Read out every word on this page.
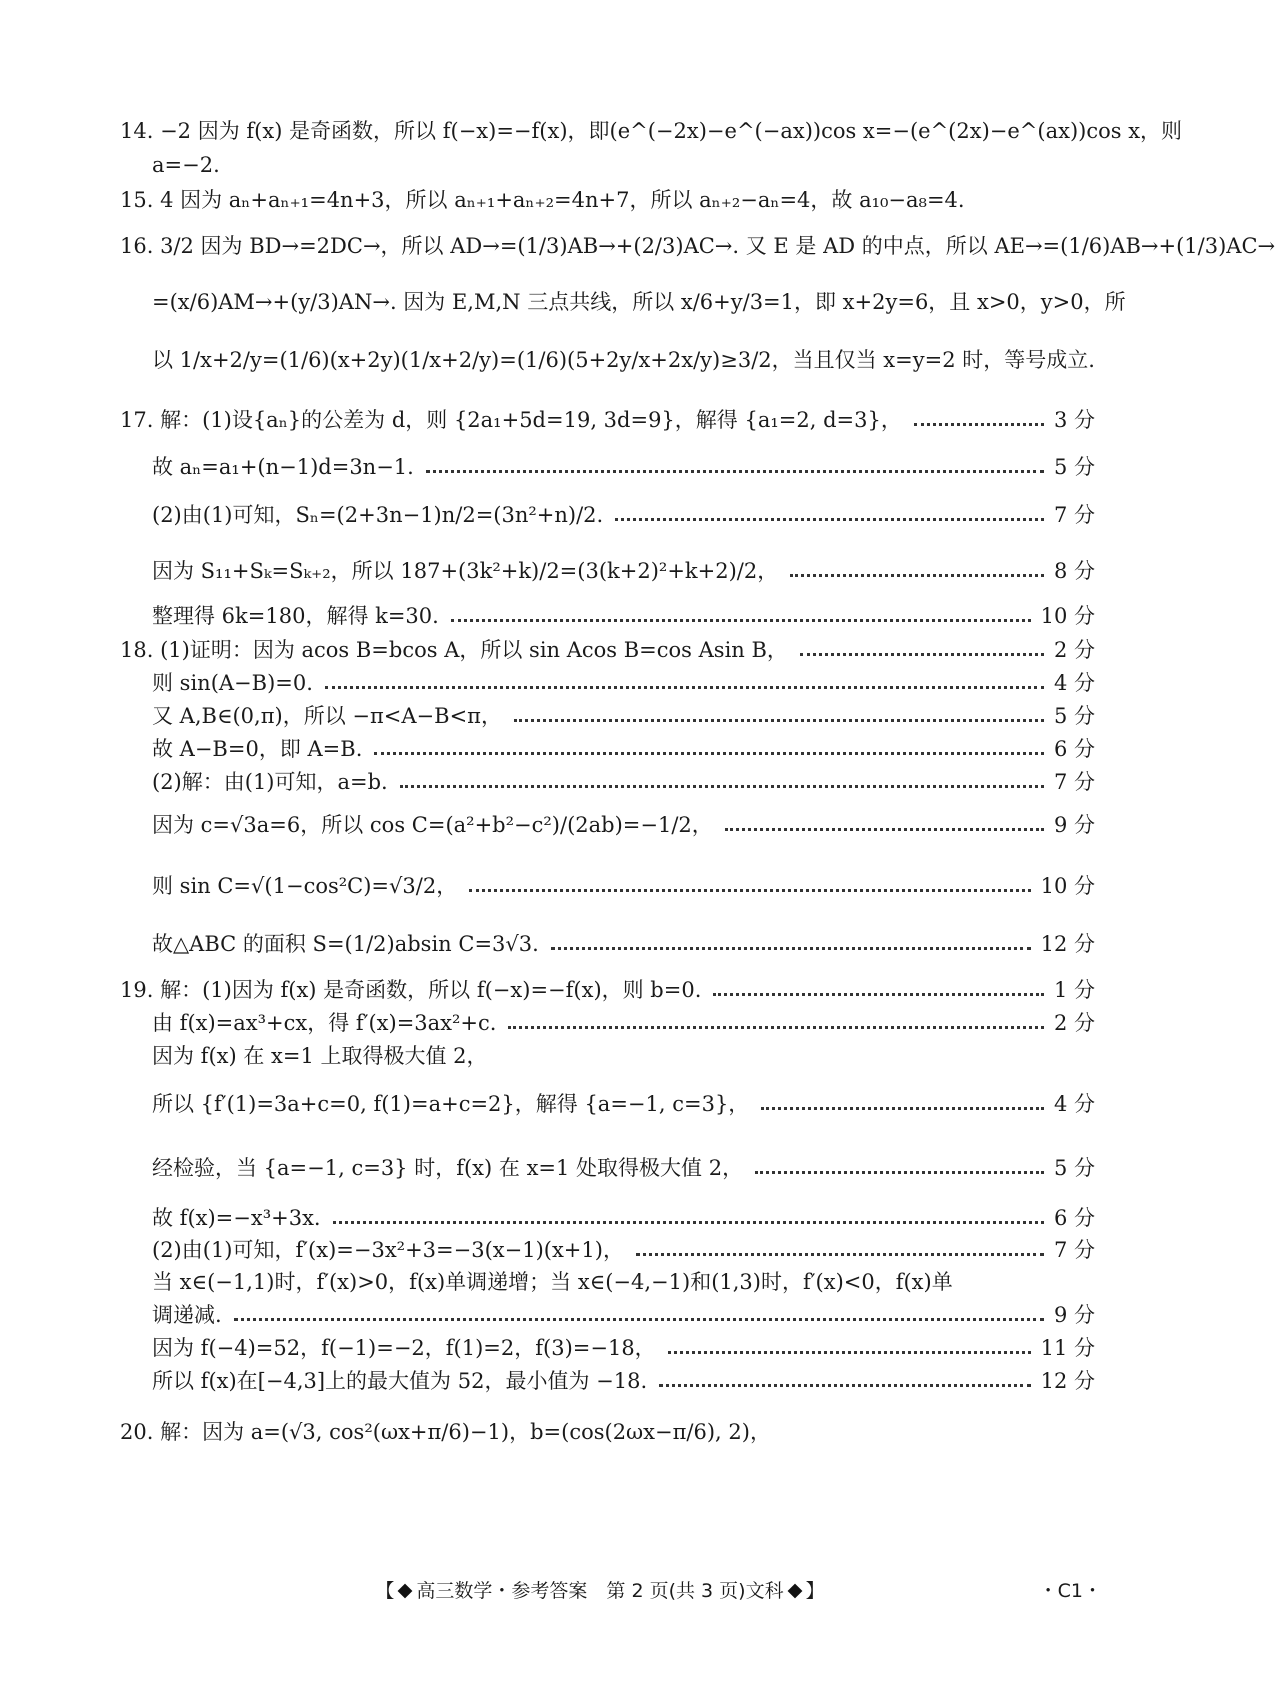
14. −2 因为 f(x) 是奇函数，所以 f(−x)=−f(x)，即(e^(−2x)−e^(−ax))cos x=−(e^(2x)−e^(ax))cos x，则
a=−2.
15. 4 因为 aₙ+aₙ₊₁=4n+3，所以 aₙ₊₁+aₙ₊₂=4n+7，所以 aₙ₊₂−aₙ=4，故 a₁₀−a₈=4.
16. 3/2 因为 BD→=2DC→，所以 AD→=(1/3)AB→+(2/3)AC→. 又 E 是 AD 的中点，所以 AE→=(1/6)AB→+(1/3)AC→
=(x/6)AM→+(y/3)AN→. 因为 E,M,N 三点共线，所以 x/6+y/3=1，即 x+2y=6，且 x>0，y>0，所
以 1/x+2/y=(1/6)(x+2y)(1/x+2/y)=(1/6)(5+2y/x+2x/y)≥3/2，当且仅当 x=y=2 时，等号成立.
17. 解：(1)设{aₙ}的公差为 d，则 {2a₁+5d=19, 3d=9}，解得 {a₁=2, d=3}，	3 分
故 aₙ=a₁+(n−1)d=3n−1.	5 分
(2)由(1)可知，Sₙ=(2+3n−1)n/2=(3n²+n)/2.	7 分
因为 S₁₁+Sₖ=Sₖ₊₂，所以 187+(3k²+k)/2=(3(k+2)²+k+2)/2，	8 分
整理得 6k=180，解得 k=30.	10 分
18. (1)证明：因为 acos B=bcos A，所以 sin Acos B=cos Asin B，	2 分
则 sin(A−B)=0.	4 分
又 A,B∈(0,π)，所以 −π<A−B<π，	5 分
故 A−B=0，即 A=B.	6 分
(2)解：由(1)可知，a=b.	7 分
因为 c=√3a=6，所以 cos C=(a²+b²−c²)/(2ab)=−1/2，	9 分
则 sin C=√(1−cos²C)=√3/2，	10 分
故△ABC 的面积 S=(1/2)absin C=3√3.	12 分
19. 解：(1)因为 f(x) 是奇函数，所以 f(−x)=−f(x)，则 b=0.	1 分
由 f(x)=ax³+cx，得 f′(x)=3ax²+c.	2 分
因为 f(x) 在 x=1 上取得极大值 2，
所以 {f′(1)=3a+c=0, f(1)=a+c=2}，解得 {a=−1, c=3}，	4 分
经检验，当 {a=−1, c=3} 时，f(x) 在 x=1 处取得极大值 2，	5 分
故 f(x)=−x³+3x.	6 分
(2)由(1)可知，f′(x)=−3x²+3=−3(x−1)(x+1)，	7 分
当 x∈(−1,1)时，f′(x)>0，f(x)单调递增；当 x∈(−4,−1)和(1,3)时，f′(x)<0，f(x)单
调递减.	9 分
因为 f(−4)=52，f(−1)=−2，f(1)=2，f(3)=−18，	11 分
所以 f(x)在[−4,3]上的最大值为 52，最小值为 −18.	12 分
20. 解：因为 a=(√3, cos²(ωx+π/6)−1)，b=(cos(2ωx−π/6), 2)，
【 高三数学・参考答案　第 2 页(共 3 页)文科 】	・C1・
